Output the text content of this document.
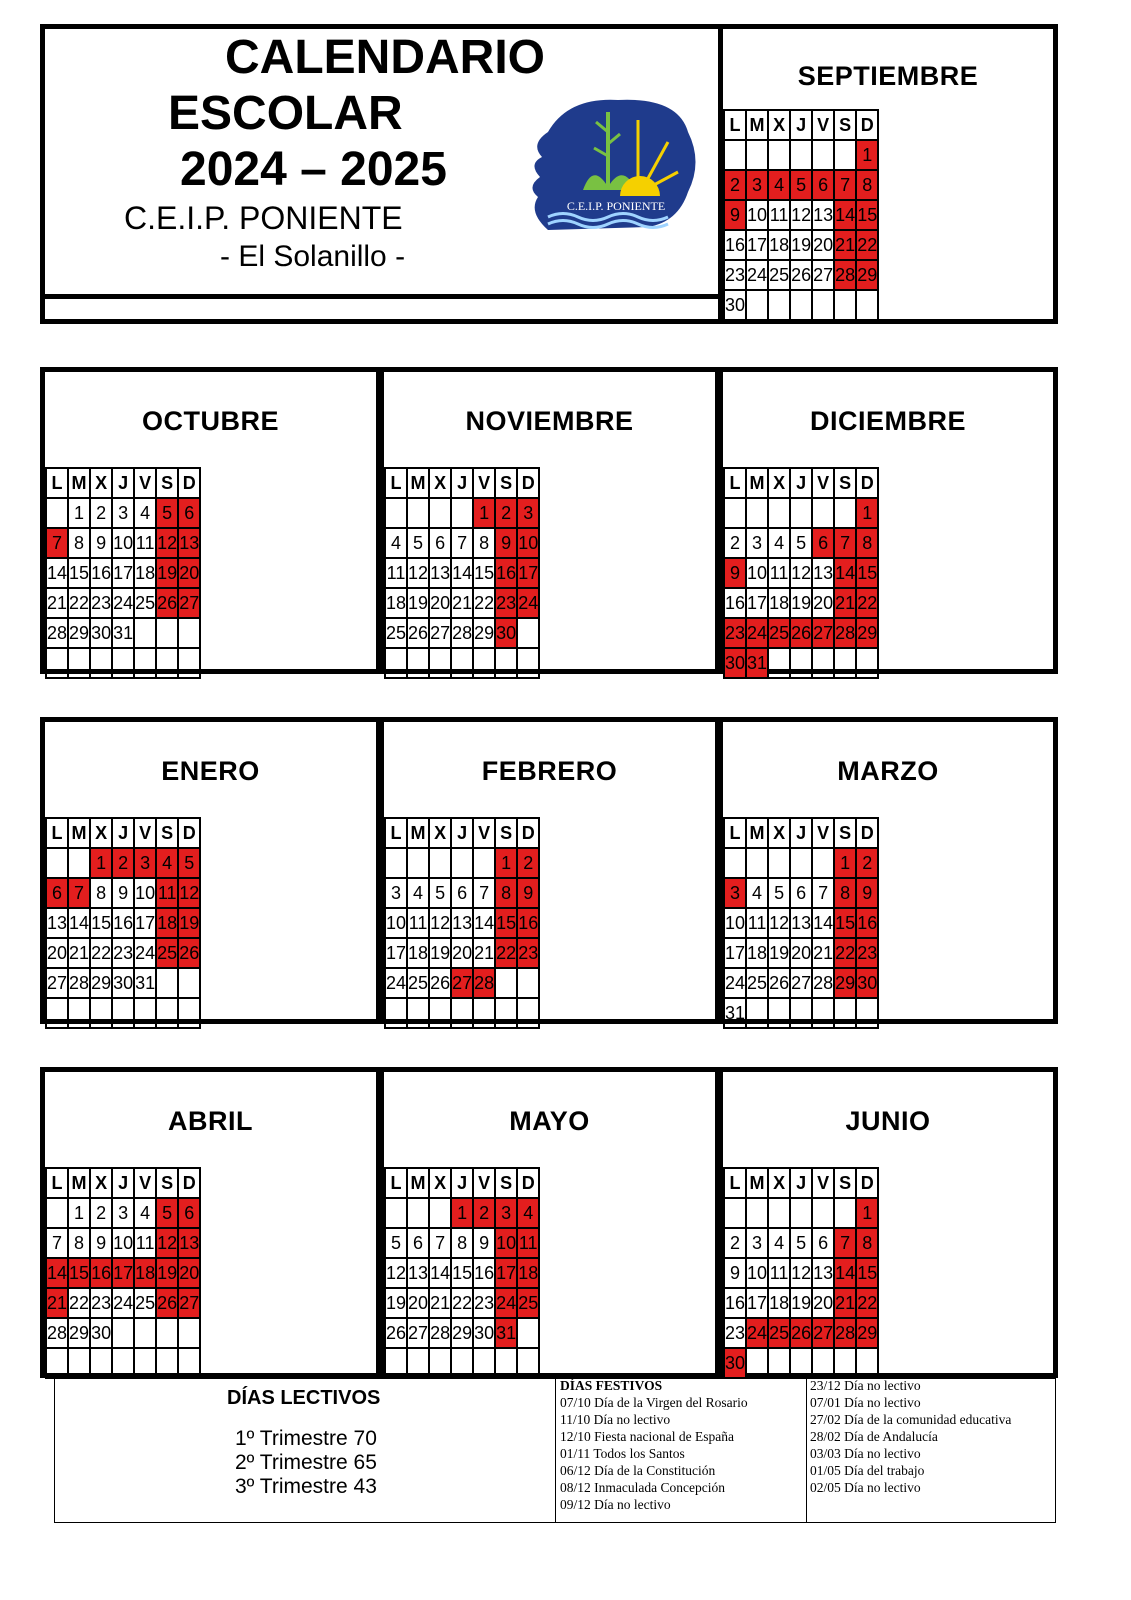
CALENDARIO
ESCOLAR
2024 – 2025
C.E.I.P. PONIENTE
- El Solanillo -
C.E.I.P. PONIENTE
SEPTIEMBRE
L	M	X	J	V	S	D
						1
2	3	4	5	6	7	8
9	10	11	12	13	14	15
16	17	18	19	20	21	22
23	24	25	26	27	28	29
30						
OCTUBRE
L	M	X	J	V	S	D
	1	2	3	4	5	6
7	8	9	10	11	12	13
14	15	16	17	18	19	20
21	22	23	24	25	26	27
28	29	30	31			

NOVIEMBRE
L	M	X	J	V	S	D
				1	2	3
4	5	6	7	8	9	10
11	12	13	14	15	16	17
18	19	20	21	22	23	24
25	26	27	28	29	30	

DICIEMBRE
L	M	X	J	V	S	D
						1
2	3	4	5	6	7	8
9	10	11	12	13	14	15
16	17	18	19	20	21	22
23	24	25	26	27	28	29
30	31					
ENERO
L	M	X	J	V	S	D
		1	2	3	4	5
6	7	8	9	10	11	12
13	14	15	16	17	18	19
20	21	22	23	24	25	26
27	28	29	30	31		

FEBRERO
L	M	X	J	V	S	D
					1	2
3	4	5	6	7	8	9
10	11	12	13	14	15	16
17	18	19	20	21	22	23
24	25	26	27	28		

MARZO
L	M	X	J	V	S	D
					1	2
3	4	5	6	7	8	9
10	11	12	13	14	15	16
17	18	19	20	21	22	23
24	25	26	27	28	29	30
31						
ABRIL
L	M	X	J	V	S	D
	1	2	3	4	5	6
7	8	9	10	11	12	13
14	15	16	17	18	19	20
21	22	23	24	25	26	27
28	29	30				

MAYO
L	M	X	J	V	S	D
			1	2	3	4
5	6	7	8	9	10	11
12	13	14	15	16	17	18
19	20	21	22	23	24	25
26	27	28	29	30	31	

JUNIO
L	M	X	J	V	S	D
						1
2	3	4	5	6	7	8
9	10	11	12	13	14	15
16	17	18	19	20	21	22
23	24	25	26	27	28	29
30						
DÍAS LECTIVOS
1º Trimestre 70
2º Trimestre 65
3º Trimestre 43
DÍAS FESTIVOS
07/10 Día de la Virgen del Rosario
11/10 Día no lectivo
12/10 Fiesta nacional de España
01/11 Todos los Santos
06/12 Día de la Constitución
08/12 Inmaculada Concepción
09/12 Día no lectivo
23/12 Día no lectivo
07/01 Día no lectivo
27/02 Día de la comunidad educativa
28/02 Día de Andalucía
03/03 Día no lectivo
01/05 Día del trabajo
02/05 Día no lectivo
